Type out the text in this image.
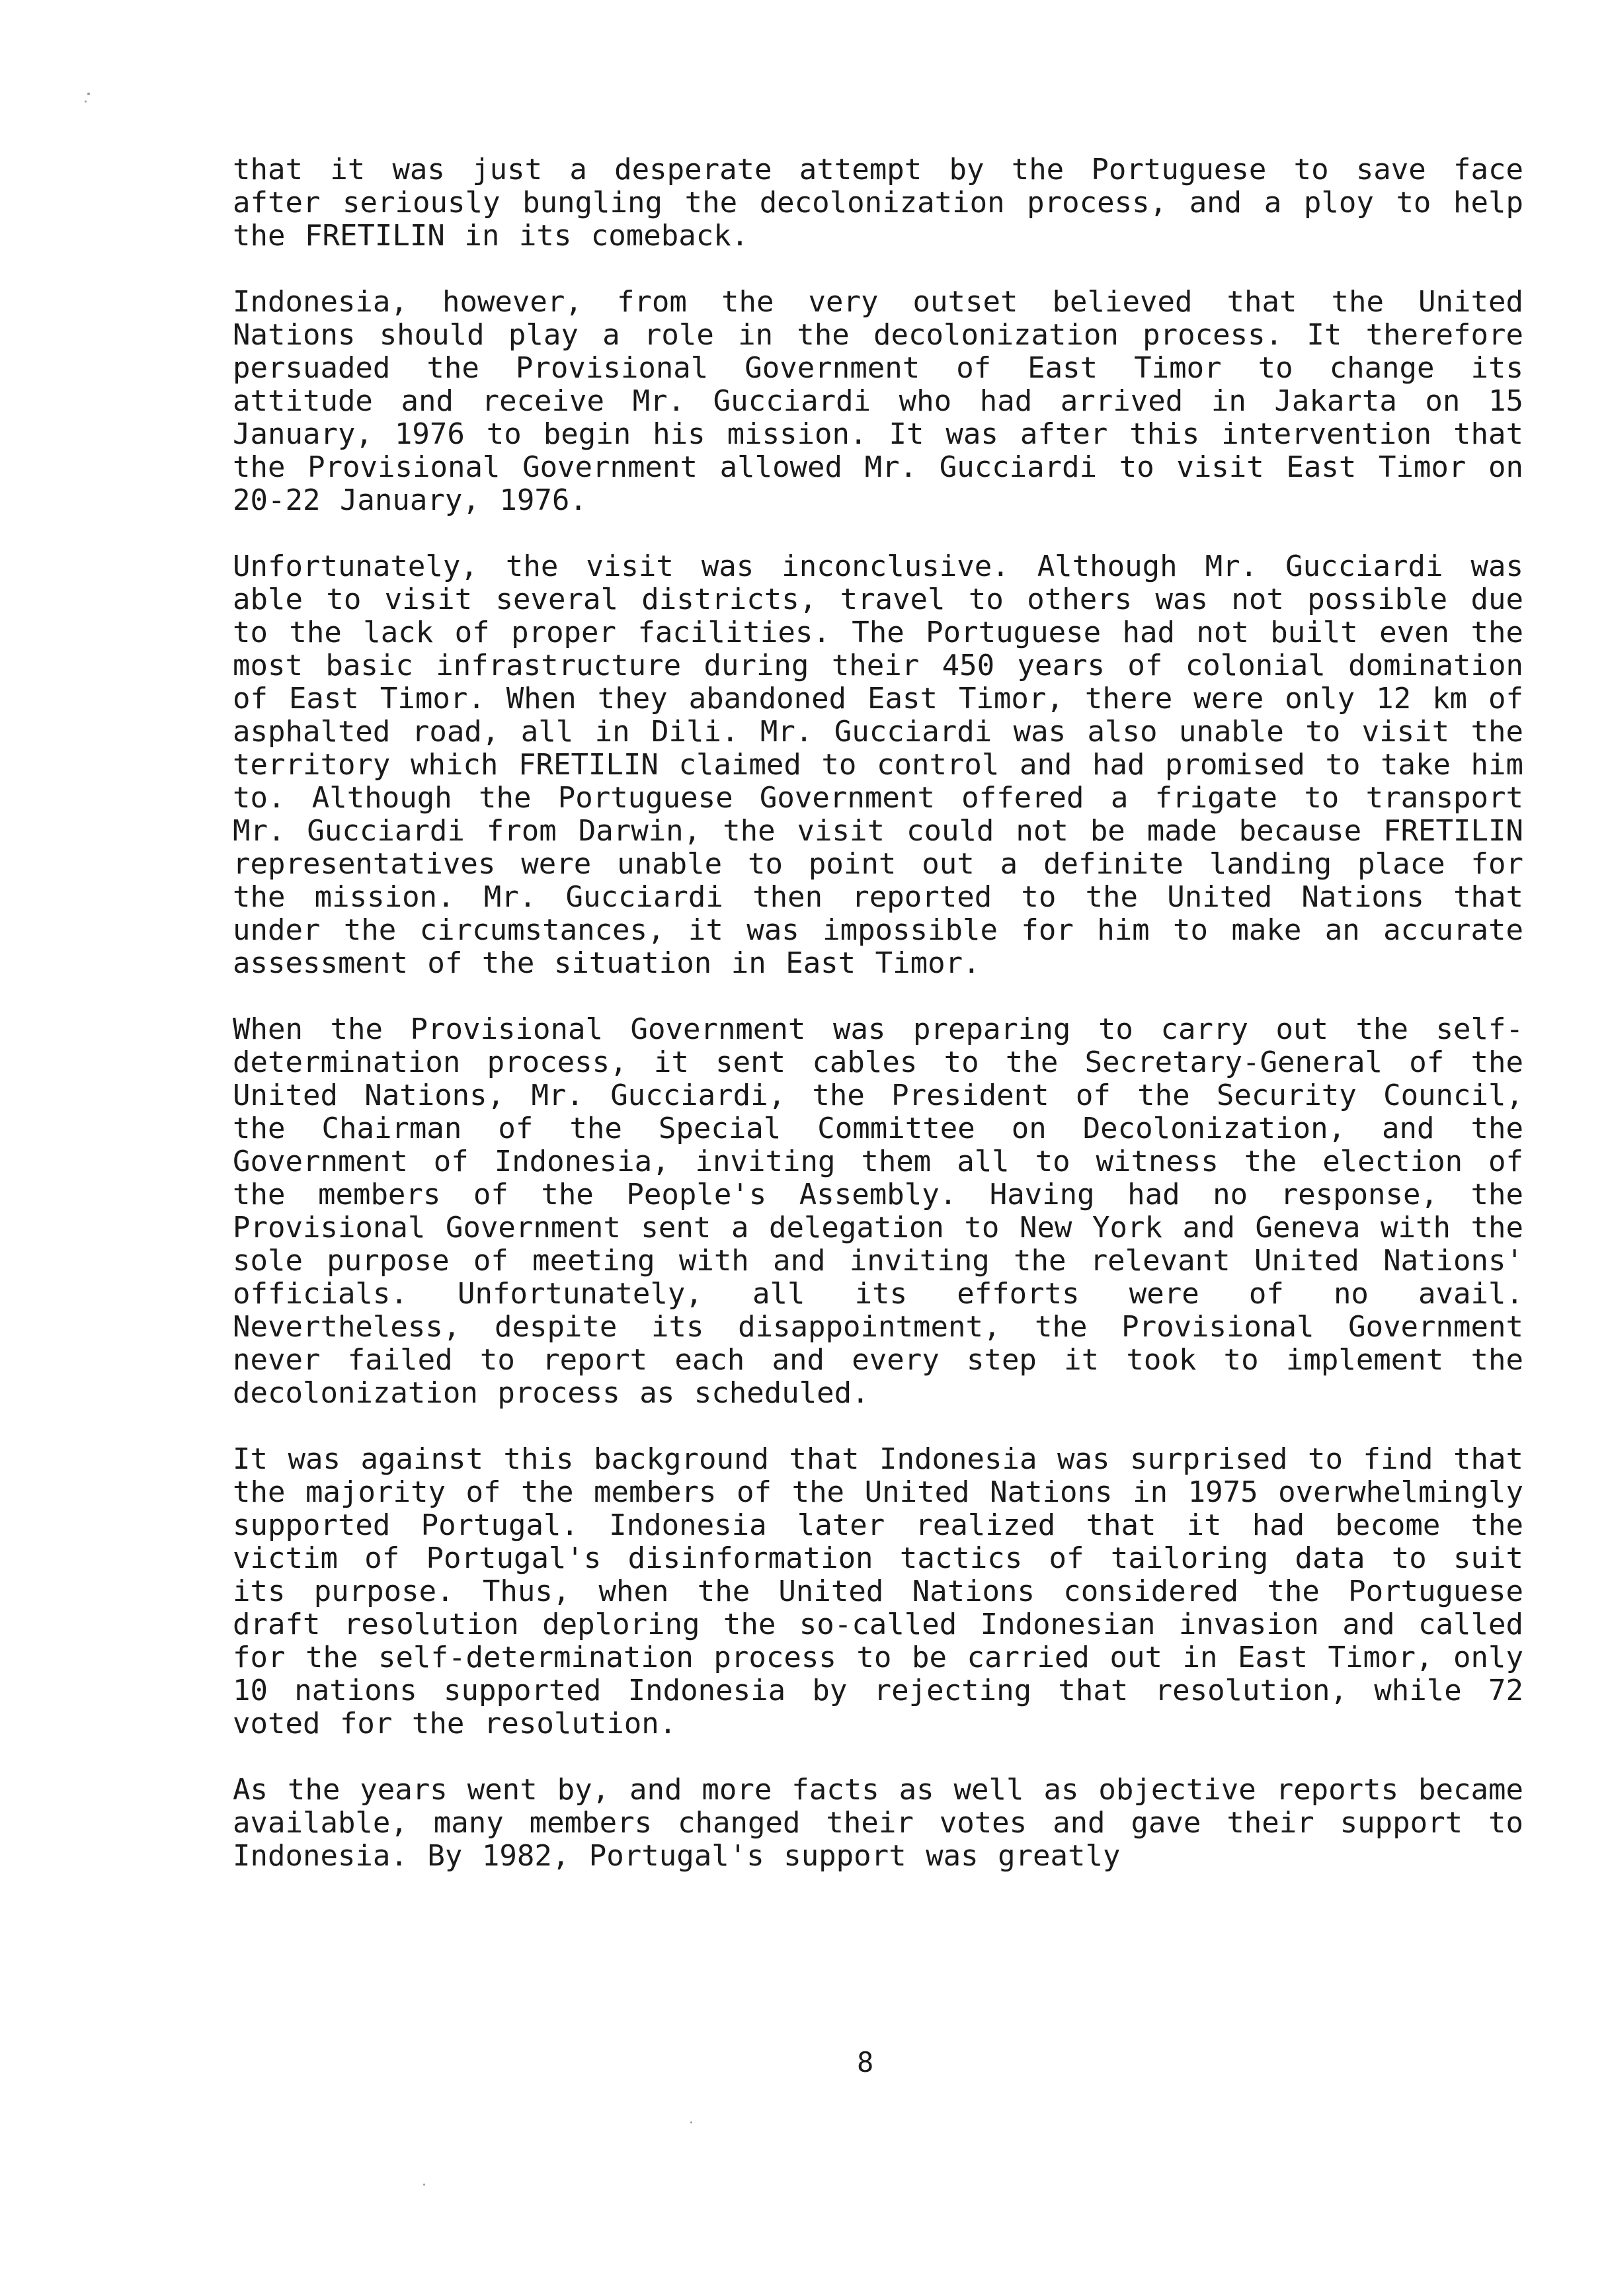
that it was just a desperate attempt by the Portuguese to save face after seriously bungling the decolonization process, and a ploy to help the FRETILIN in its comeback.

Indonesia, however, from the very outset believed that the United Nations should play a role in the decolonization process. It therefore persuaded the Provisional Government of East Timor to change its attitude and receive Mr. Gucciardi who had arrived in Jakarta on 15 January, 1976 to begin his mission. It was after this intervention that the Provisional Government allowed Mr. Gucciardi to visit East Timor on 20-22 January, 1976.

Unfortunately, the visit was inconclusive. Although Mr. Gucciardi was able to visit several districts, travel to others was not possible due to the lack of proper facilities. The Portuguese had not built even the most basic infrastructure during their 450 years of colonial domination of East Timor. When they abandoned East Timor, there were only 12 km of asphalted road, all in Dili. Mr. Gucciardi was also unable to visit the territory which FRETILIN claimed to control and had promised to take him to. Although the Portuguese Government offered a frigate to transport Mr. Gucciardi from Darwin, the visit could not be made because FRETILIN representatives were unable to point out a definite landing place for the mission. Mr. Gucciardi then reported to the United Nations that under the circumstances, it was impossible for him to make an accurate assessment of the situation in East Timor.

When the Provisional Government was preparing to carry out the self-determination process, it sent cables to the Secretary-General of the United Nations, Mr. Gucciardi, the President of the Security Council, the Chairman of the Special Committee on Decolonization, and the Government of Indonesia, inviting them all to witness the election of the members of the People's Assembly. Having had no response, the Provisional Government sent a delegation to New York and Geneva with the sole purpose of meeting with and inviting the relevant United Nations' officials. Unfortunately, all its efforts were of no avail. Nevertheless, despite its disappointment, the Provisional Government never failed to report each and every step it took to implement the decolonization process as scheduled.

It was against this background that Indonesia was surprised to find that the majority of the members of the United Nations in 1975 overwhelmingly supported Portugal. Indonesia later realized that it had become the victim of Portugal's disinformation tactics of tailoring data to suit its purpose. Thus, when the United Nations considered the Portuguese draft resolution deploring the so-called Indonesian invasion and called for the self-determination process to be carried out in East Timor, only 10 nations supported Indonesia by rejecting that resolution, while 72 voted for the resolution.

As the years went by, and more facts as well as objective reports became available, many members changed their votes and gave their support to Indonesia. By 1982, Portugal's support was greatly

8
